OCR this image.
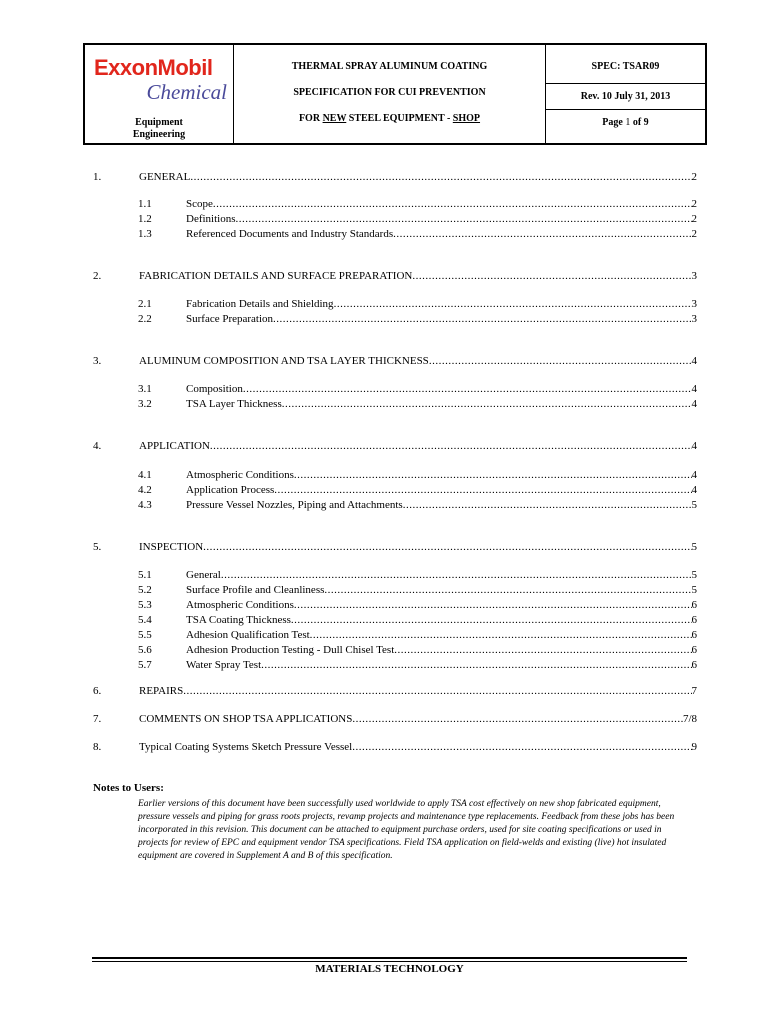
ExxonMobil
Chemical
Equipment
Engineering
THERMAL SPRAY ALUMINUM COATING
SPECIFICATION FOR CUI PREVENTION
FOR NEW STEEL EQUIPMENT - SHOP
SPEC: TSAR09
Rev. 10 July 31, 2013
Page 1 of 9
1.	GENERAL .....	2
1.1	Scope .....	2
1.2	Definitions .....	2
1.3	Referenced Documents and Industry Standards .....	2
2.	FABRICATION DETAILS AND SURFACE PREPARATION .....	3
2.1	Fabrication Details and Shielding .....	3
2.2	Surface Preparation .....	3
3.	ALUMINUM COMPOSITION AND TSA LAYER THICKNESS .....	4
3.1	Composition .....	4
3.2	TSA Layer Thickness .....	4
4.	APPLICATION .....	4
4.1	Atmospheric Conditions .....	4
4.2	Application Process .....	4
4.3	Pressure Vessel Nozzles, Piping and Attachments .....	5
5.	INSPECTION .....	5
5.1	General .....	5
5.2	Surface Profile and Cleanliness .....	5
5.3	Atmospheric Conditions .....	6
5.4	TSA Coating Thickness .....	6
5.5	Adhesion Qualification Test .....	6
5.6	Adhesion Production Testing - Dull Chisel Test .....	6
5.7	Water Spray Test .....	6
6.	REPAIRS .....	7
7.	COMMENTS ON SHOP TSA APPLICATIONS .....	7/8
8.	Typical Coating Systems Sketch Pressure Vessel .....	9
Notes to Users:
Earlier versions of this document have been successfully used worldwide to apply TSA cost effectively on new shop fabricated equipment, pressure vessels and piping for grass roots projects, revamp projects and maintenance type replacements. Feedback from these jobs has been incorporated in this revision. This document can be attached to equipment purchase orders, used for site coating specifications or used in projects for review of EPC and equipment vendor TSA specifications. Field TSA application on field-welds and existing (live) hot insulated equipment are covered in Supplement A and B of this specification.
MATERIALS TECHNOLOGY
